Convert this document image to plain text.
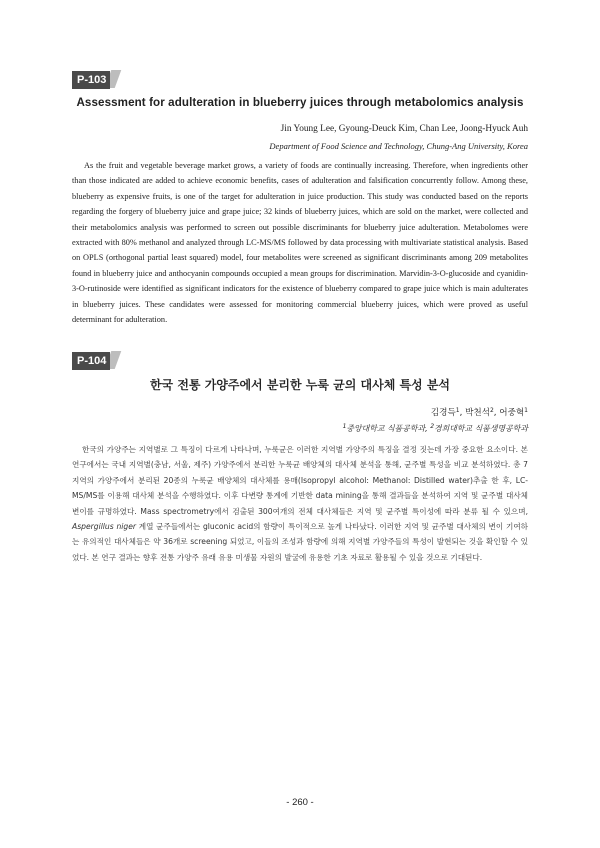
P-103
Assessment for adulteration in blueberry juices through metabolomics analysis
Jin Young Lee, Gyoung-Deuck Kim, Chan Lee, Joong-Hyuck Auh
Department of Food Science and Technology, Chung-Ang University, Korea

As the fruit and vegetable beverage market grows, a variety of foods are continually increasing. Therefore, when ingredients other than those indicated are added to achieve economic benefits, cases of adulteration and falsification concurrently follow. Among these, blueberry as expensive fruits, is one of the target for adulteration in juice production. This study was conducted based on the reports regarding the forgery of blueberry juice and grape juice; 32 kinds of blueberry juices, which are sold on the market, were collected and their metabolomics analysis was performed to screen out possible discriminants for blueberry juice adulteration. Metabolomes were extracted with 80% methanol and analyzed through LC-MS/MS followed by data processing with multivariate statistical analysis. Based on OPLS (orthogonal partial least squared) model, four metabolites were screened as significant discriminants among 209 metabolites found in blueberry juice and anthocyanin compounds occupied a mean groups for discrimination. Marvidin-3-O-glucoside and cyanidin-3-O-rutinoside were identified as significant indicators for the existence of blueberry compared to grape juice which is main adulterates in blueberry juices. These candidates were assessed for monitoring commercial blueberry juices, which were proved as useful determinant for adulteration.

P-104
한국 전통 가양주에서 분리한 누룩 균의 대사체 특성 분석
김경득$^1$, 박천석$^2$, 어중혁$^1$
$^1$중앙대학교 식품공학과, $^2$경희대학교 식품생명공학과

한국의 가양주는 지역별로 그 특징이 다르게 나타나며, 누룩균은 이러한 지역별 가양주의 특징을 결정 짓는데 가장 중요한 요소이다. 본 연구에서는 국내 지역별(충남, 서울, 제주) 가양주에서 분리한 누룩균 배양체의 대사체 분석을 통해, 균주별 특성을 비교 분석하였다. 총 7 지역의 가양주에서 분리된 20종의 누룩균 배양체의 대사체를 용매(Isopropyl alcohol: Methanol: Distilled water)추출 한 후, LC-MS/MS를 이용해 대사체 분석을 수행하였다. 이후 다변량 통계에 기반한 data mining을 통해 결과들을 분석하여 지역 및 균주별 대사체 변이를 규명하였다. Mass spectrometry에서 검출된 300여개의 전체 대사체들은 지역 및 균주별 특이성에 따라 분류 될 수 있으며, Aspergillus niger 계열 균주들에서는 gluconic acid의 함량이 특이적으로 높게 나타났다. 이러한 지역 및 균주별 대사체의 변이 기여하는 유의적인 대사체들은 약 36개로 screening 되었고, 이들의 조성과 함량에 의해 지역별 가양주들의 특성이 발현되는 것을 확인할 수 있었다. 본 연구 결과는 향후 전통 가양주 유래 유용 미생물 자원의 발굴에 유용한 기초 자료로 활용될 수 있을 것으로 기대된다.

- 260 -
